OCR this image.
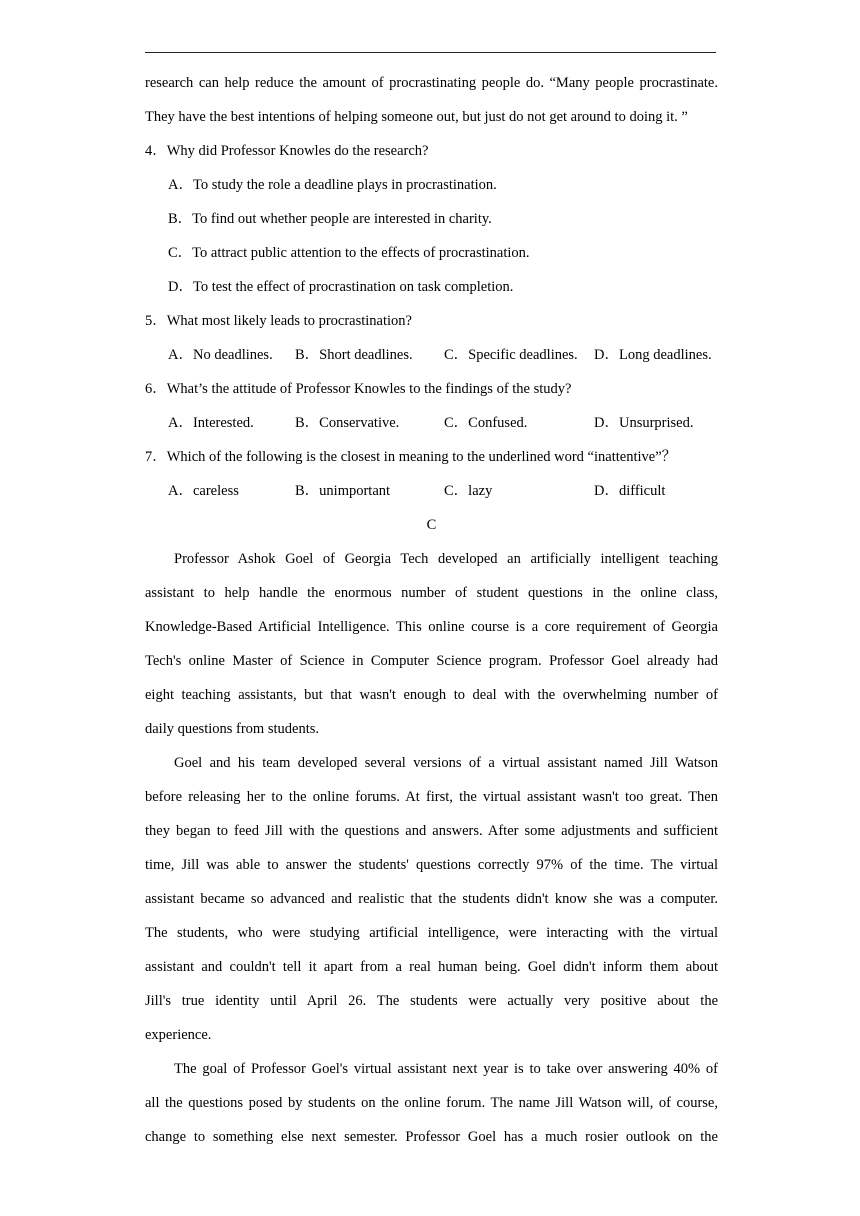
research can help reduce the amount of procrastinating people do. “Many people procrastinate.
They have the best intentions of helping someone out, but just do not get around to doing it. ”
4．Why did Professor Knowles do the research?
A．To study the role a deadline plays in procrastination.
B．To find out whether people are interested in charity.
C．To attract public attention to the effects of procrastination.
D．To test the effect of procrastination on task completion.
5．What most likely leads to procrastination?
A．No deadlines. B．Short deadlines. C．Specific deadlines. D．Long deadlines.
6．What’s the attitude of Professor Knowles to the findings of the study?
A．Interested.	B．Conservative.	C．Confused.	D．Unsurprised.
7．Which of the following is the closest in meaning to the underlined word “inattentive”？
A．careless	B．unimportant	C．lazy	D．difficult
C
Professor Ashok Goel of Georgia Tech developed an artificially intelligent teaching
assistant to help handle the enormous number of student questions in the online class,
Knowledge-Based Artificial Intelligence. This online course is a core requirement of Georgia
Tech's online Master of Science in Computer Science program. Professor Goel already had
eight teaching assistants, but that wasn't enough to deal with the overwhelming number of
daily questions from students.
Goel and his team developed several versions of a virtual assistant named Jill Watson
before releasing her to the online forums. At first, the virtual assistant wasn't too great. Then
they began to feed Jill with the questions and answers. After some adjustments and sufficient
time, Jill was able to answer the students' questions correctly 97% of the time. The virtual
assistant became so advanced and realistic that the students didn't know she was a computer.
The students, who were studying artificial intelligence, were interacting with the virtual
assistant and couldn't tell it apart from a real human being. Goel didn't inform them about
Jill's true identity until April 26. The students were actually very positive about the
experience.
The goal of Professor Goel's virtual assistant next year is to take over answering 40% of
all the questions posed by students on the online forum. The name Jill Watson will, of course,
change to something else next semester. Professor Goel has a much rosier outlook on the
